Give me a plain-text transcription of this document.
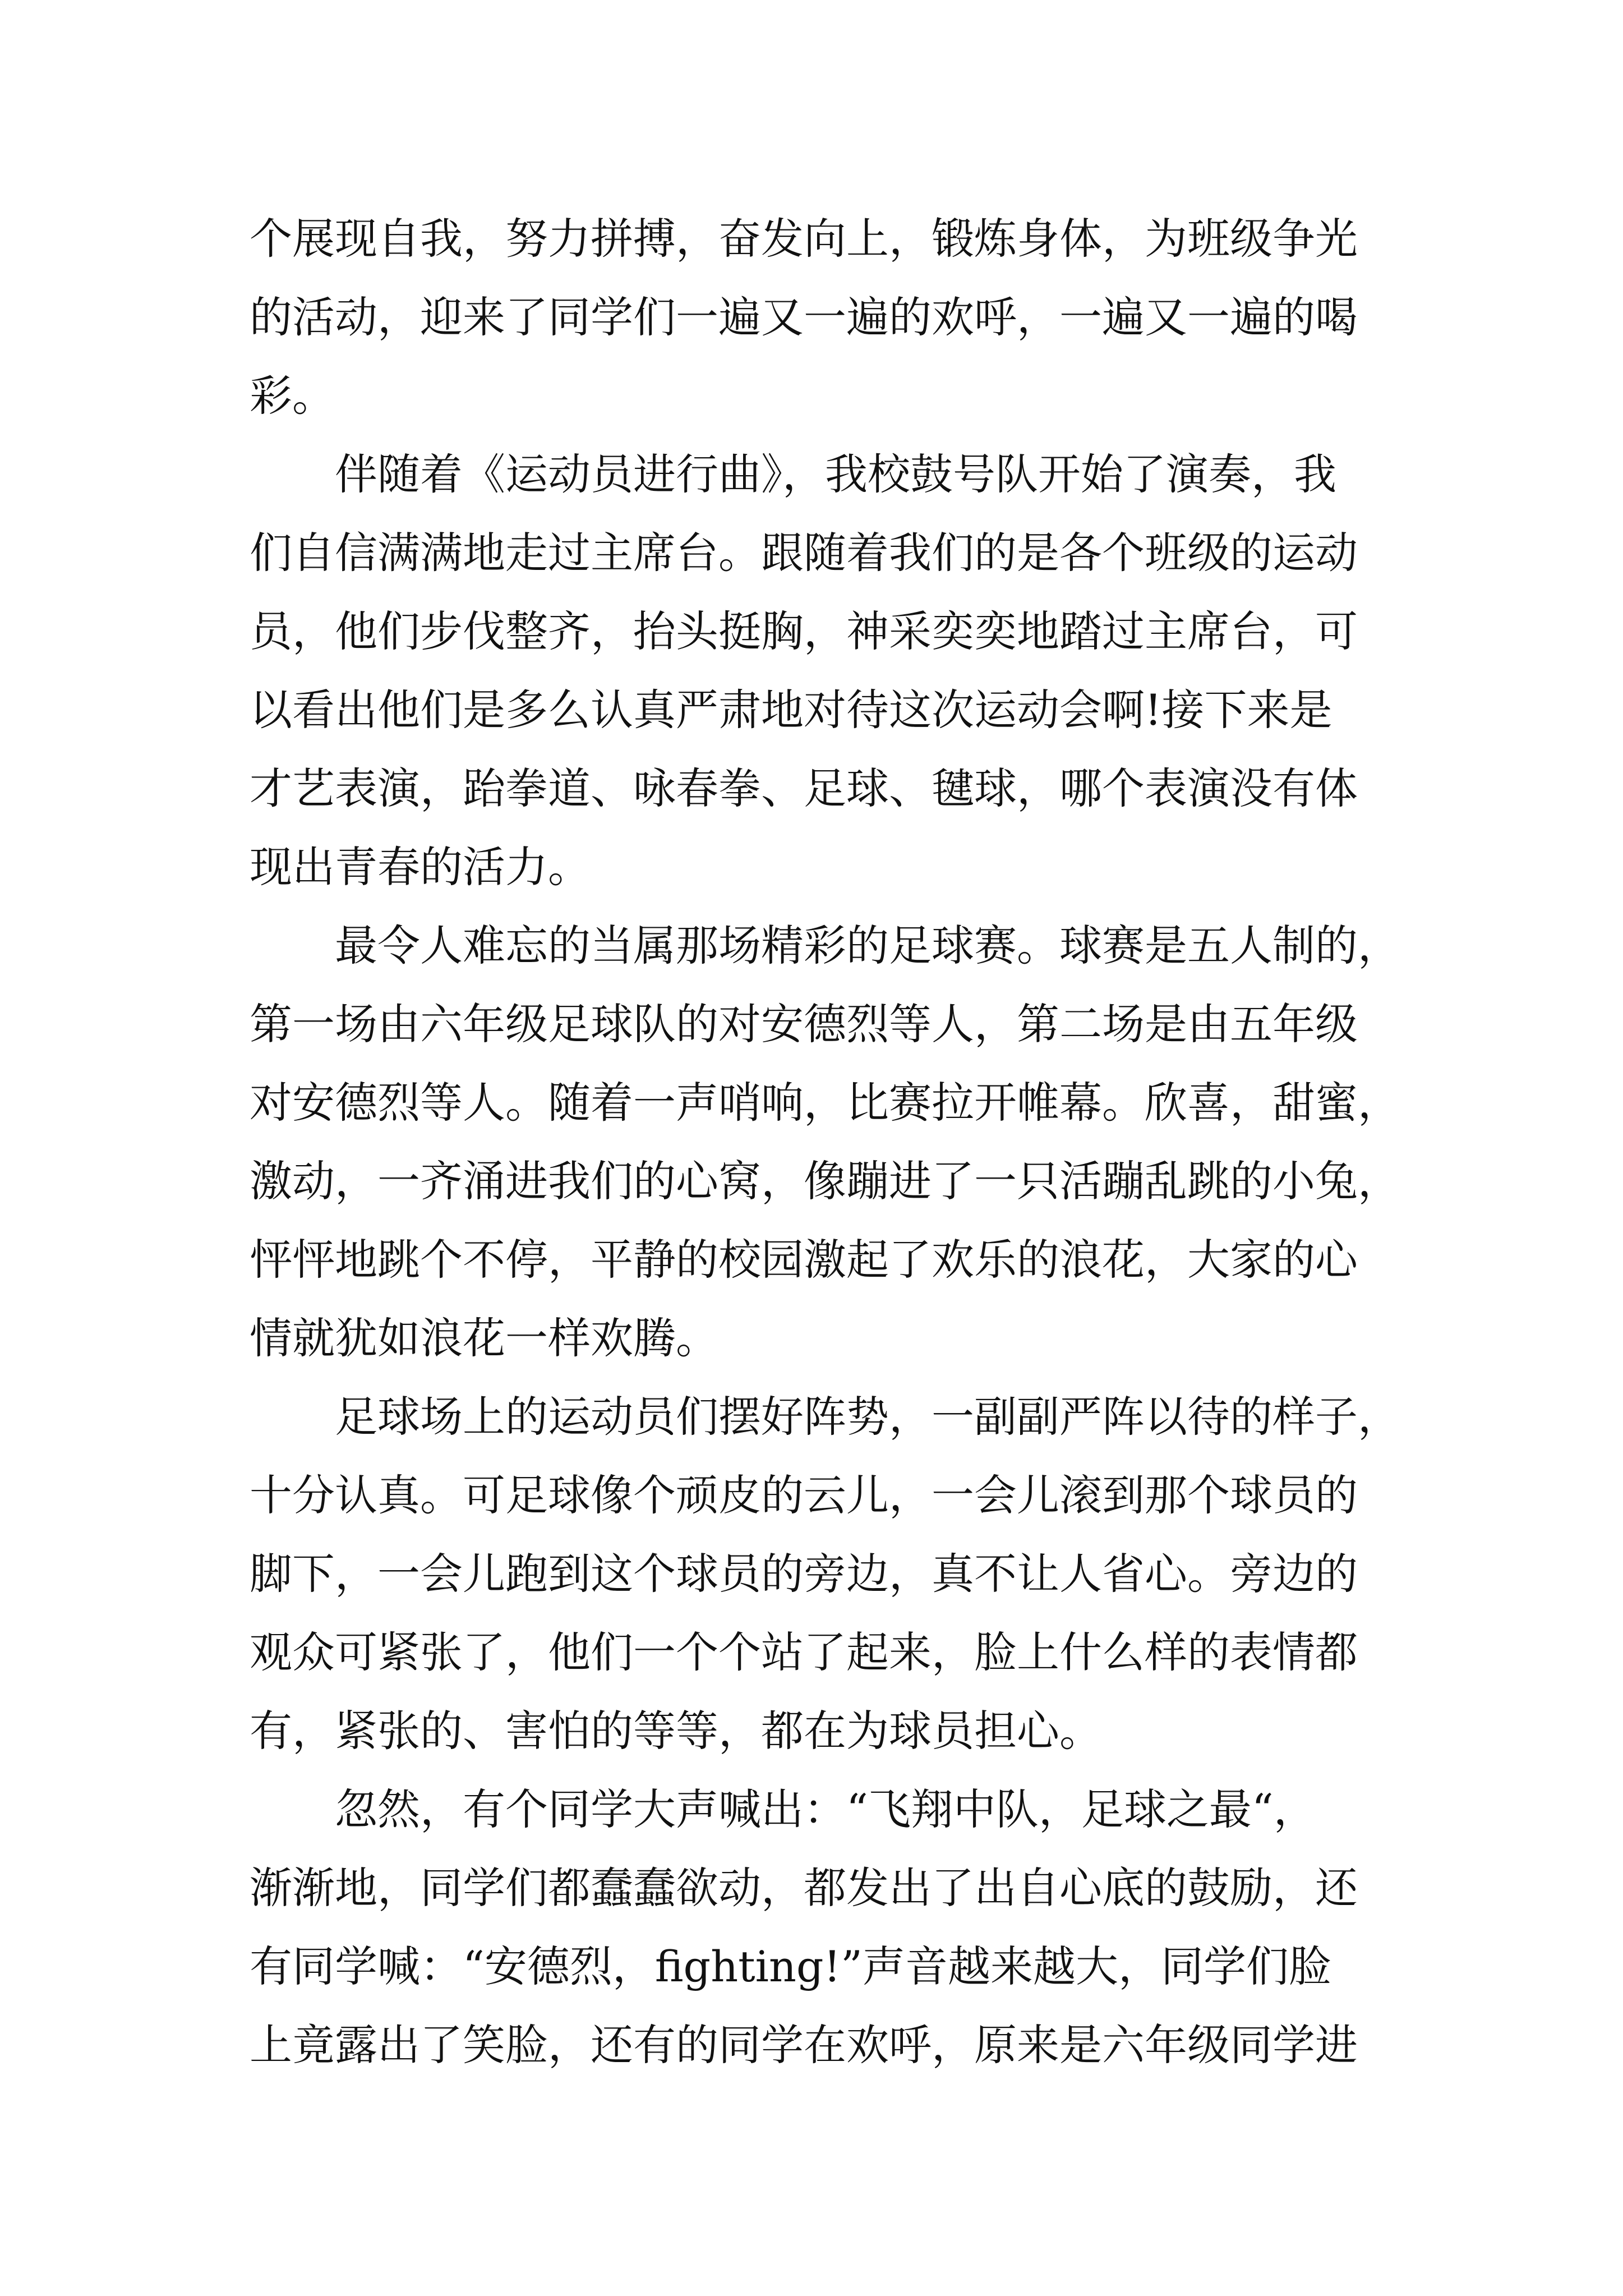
个展现自我，努力拼搏，奋发向上，锻炼身体，为班级争光
的活动，迎来了同学们一遍又一遍的欢呼，一遍又一遍的喝
彩。
　　伴随着《运动员进行曲》，我校鼓号队开始了演奏，我
们自信满满地走过主席台。跟随着我们的是各个班级的运动
员，他们步伐整齐，抬头挺胸，神采奕奕地踏过主席台，可
以看出他们是多么认真严肃地对待这次运动会啊!接下来是
才艺表演，跆拳道、咏春拳、足球、毽球，哪个表演没有体
现出青春的活力。
　　最令人难忘的当属那场精彩的足球赛。球赛是五人制的，
第一场由六年级足球队的对安德烈等人，第二场是由五年级
对安德烈等人。随着一声哨响，比赛拉开帷幕。欣喜，甜蜜，
激动，一齐涌进我们的心窝，像蹦进了一只活蹦乱跳的小兔，
怦怦地跳个不停，平静的校园激起了欢乐的浪花，大家的心
情就犹如浪花一样欢腾。
　　足球场上的运动员们摆好阵势，一副副严阵以待的样子，
十分认真。可足球像个顽皮的云儿，一会儿滚到那个球员的
脚下，一会儿跑到这个球员的旁边，真不让人省心。旁边的
观众可紧张了，他们一个个站了起来，脸上什么样的表情都
有，紧张的、害怕的等等，都在为球员担心。
　　忽然，有个同学大声喊出：“飞翔中队，足球之最“，
渐渐地，同学们都蠢蠢欲动，都发出了出自心底的鼓励，还
有同学喊：“安德烈，fighting!”声音越来越大，同学们脸
上竟露出了笑脸，还有的同学在欢呼，原来是六年级同学进
